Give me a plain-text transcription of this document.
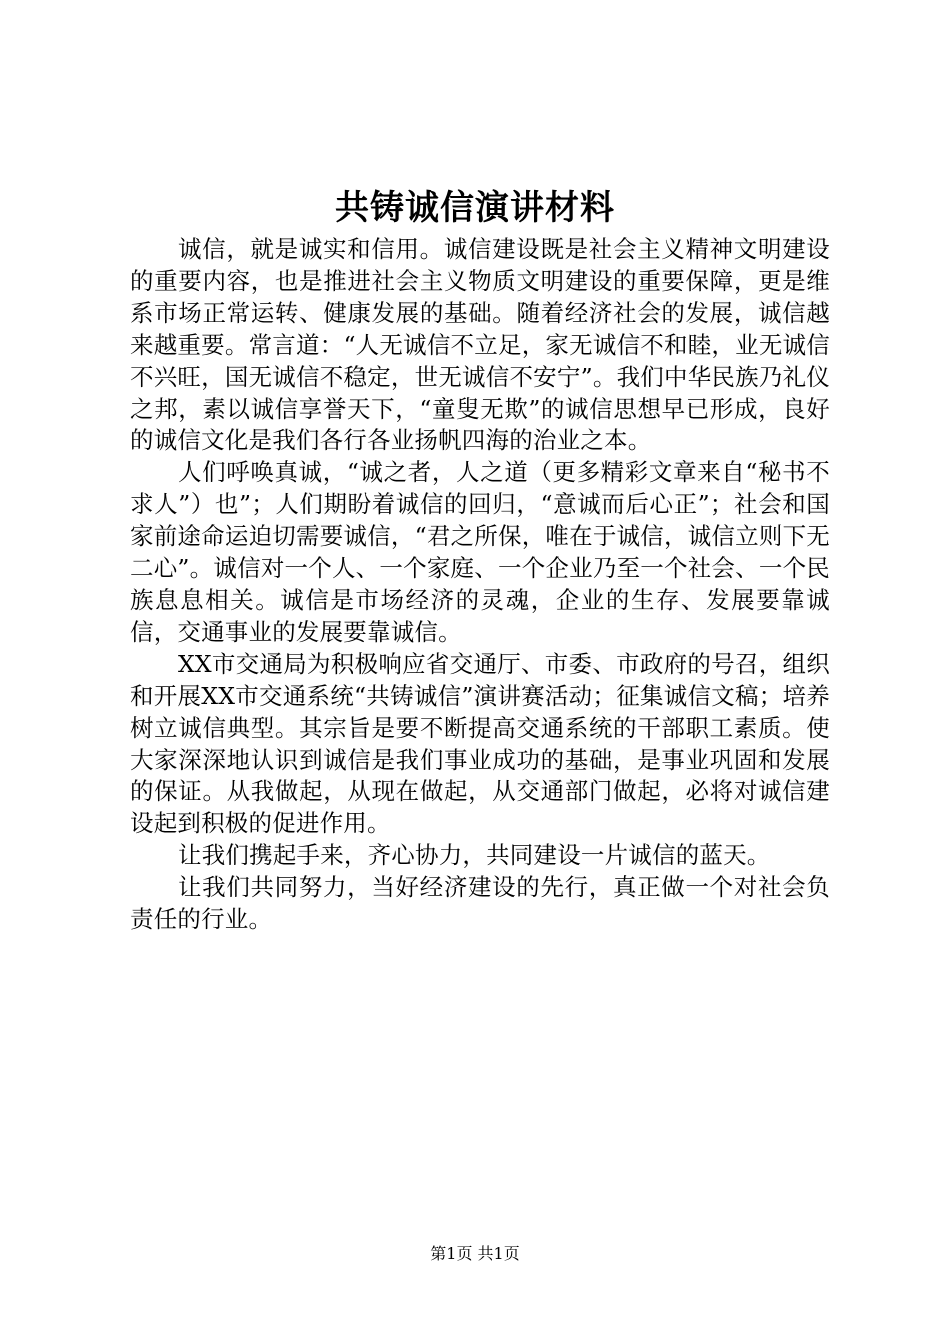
共铸诚信演讲材料

诚信，就是诚实和信用。诚信建设既是社会主义精神文明建设的重要内容，也是推进社会主义物质文明建设的重要保障，更是维系市场正常运转、健康发展的基础。随着经济社会的发展，诚信越来越重要。常言道：“人无诚信不立足，家无诚信不和睦，业无诚信不兴旺，国无诚信不稳定，世无诚信不安宁”。我们中华民族乃礼仪之邦，素以诚信享誉天下，“童叟无欺”的诚信思想早已形成，良好的诚信文化是我们各行各业扬帆四海的治业之本。

人们呼唤真诚，“诚之者，人之道（更多精彩文章来自“秘书不求人”）也”；人们期盼着诚信的回归，“意诚而后心正”；社会和国家前途命运迫切需要诚信，“君之所保，唯在于诚信，诚信立则下无二心”。诚信对一个人、一个家庭、一个企业乃至一个社会、一个民族息息相关。诚信是市场经济的灵魂，企业的生存、发展要靠诚信，交通事业的发展要靠诚信。

XX市交通局为积极响应省交通厅、市委、市政府的号召，组织和开展XX市交通系统“共铸诚信”演讲赛活动；征集诚信文稿；培养树立诚信典型。其宗旨是要不断提高交通系统的干部职工素质。使大家深深地认识到诚信是我们事业成功的基础，是事业巩固和发展的保证。从我做起，从现在做起，从交通部门做起，必将对诚信建设起到积极的促进作用。

让我们携起手来，齐心协力，共同建设一片诚信的蓝天。

让我们共同努力，当好经济建设的先行，真正做一个对社会负责任的行业。

第1页 共1页
